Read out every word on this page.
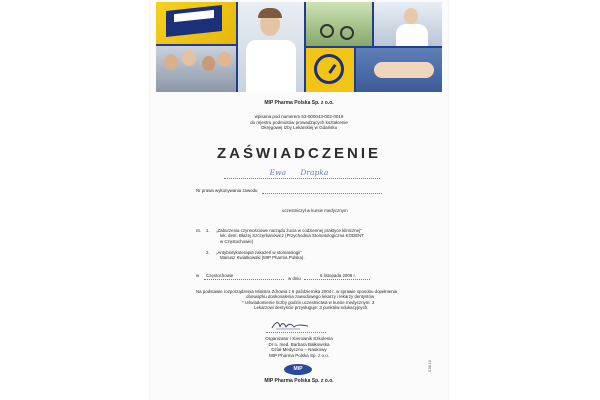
MIP Pharma Polska Sp. z o.o.
wpisana pod numerem 53-000043-002-0019
do rejestru podmiotów prowadzących kształcenie
Okręgowej Izby Lekarskiej w Gdańsku
ZAŚWIADCZENIE
Ewa Drapka
Nr prawa wykonywania zawodu
uczestniczył w kursie medycznym
nt. 1. „Zaburzenia czynnościowe narządu żucia w codziennej praktyce klinicznej"
lek. dent. Błażej Szczęrbanowicz (Przychodnia Stomatologiczna KODENT
w Częstochowie)
2. „Antybiotykoterapia zakażeń w stomatologii"
Mariusz Kwiatkowski (MIP Pharma Polska).
w Częstochowie
w dniu
6 listopada 2009 r.
Na podstawie rozporządzenia Ministra Zdrowia z 6 października 2004 r. w sprawie sposobu dopełnienia
obowiązku doskonalenia zawodowego lekarzy i lekarzy dentystów
* Uświadomienie liczby godzin uczestnictwa w kursie medycznym: 3
Lekarzowi dentyście przysługuje: 3 punktów edukacyjnych.
Organizator / Kierownik Szkolenia
Dr n. med. Barbara Bałkowska
Dział Medyczno – Naukowy
MIP Pharma Polska Sp. z o.o.
MIP
MIP Pharma Polska Sp. z o.o.
0.08.10
